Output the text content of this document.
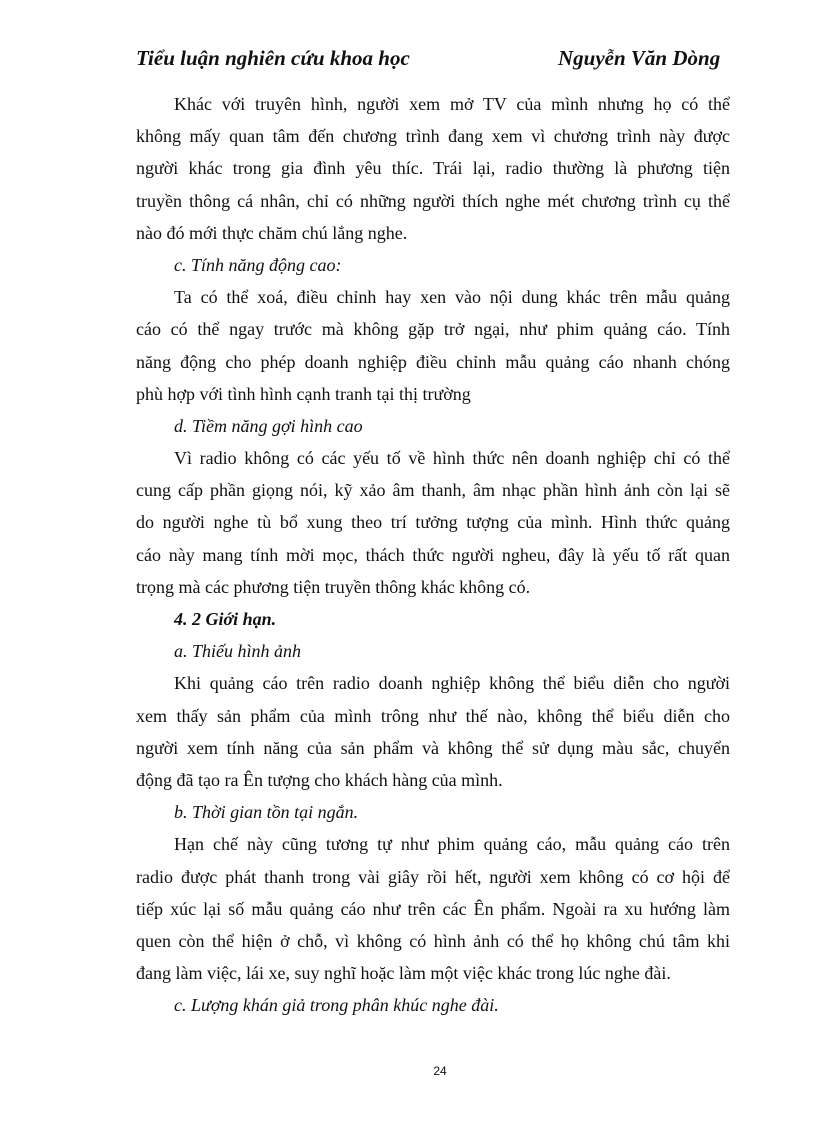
Tiểu luận nghiên cứu khoa học	Nguyễn Văn Dòng
Khác với truyên hình, người xem mở TV của mình nhưng họ có thể
không mấy quan tâm đến chương trình đang xem vì chương trình này được
người khác trong gia đình yêu thíc. Trái lại, radio thường là phương tiện
truyền thông cá nhân, chỉ có những người thích nghe mét chương trình cụ thể
nào đó mới thực chăm chú lắng nghe.
c. Tính năng động cao:
Ta có thể xoá, điều chỉnh hay xen vào nội dung khác trên mẫu quảng
cáo có thể ngay trước mà không gặp trở ngại, như phim quảng cáo. Tính
năng động cho phép doanh nghiệp điều chỉnh mẫu quảng cáo nhanh chóng
phù hợp với tình hình cạnh tranh tại thị trường
d. Tiềm năng gợi hình cao
Vì radio không có các yếu tố về hình thức nên doanh nghiệp chỉ có thể
cung cấp phần giọng nói, kỹ xảo âm thanh, âm nhạc phần hình ảnh còn lại sẽ
do người nghe tù bổ xung theo trí tưởng tượng của mình. Hình thức quảng
cáo này mang tính mời mọc, thách thức người ngheu, đây là yếu tố rất quan
trọng mà các phương tiện truyền thông khác không có.
4. 2 Giới hạn.
a. Thiếu hình ảnh
Khi quảng cáo trên radio doanh nghiệp không thể biểu diễn cho người
xem thấy sản phẩm của mình trông như thế nào, không thể biểu diễn cho
người xem tính năng của sản phẩm và không thể sử dụng màu sắc, chuyển
động đã tạo ra Ên tượng cho khách hàng của mình.
b. Thời gian tồn tại ngắn.
Hạn chế này cũng tương tự như phim quảng cáo, mẫu quảng cáo trên
radio được phát thanh trong vài giây rồi hết, người xem không có cơ hội để
tiếp xúc lại số mẫu quảng cáo như trên các Ên phẩm. Ngoài ra xu hướng làm
quen còn thể hiện ở chỗ, vì không có hình ảnh có thể họ không chú tâm khi
đang làm việc, lái xe, suy nghĩ hoặc làm một việc khác trong lúc nghe đài.
c. Lượng khán giả trong phân khúc nghe đài.
24
